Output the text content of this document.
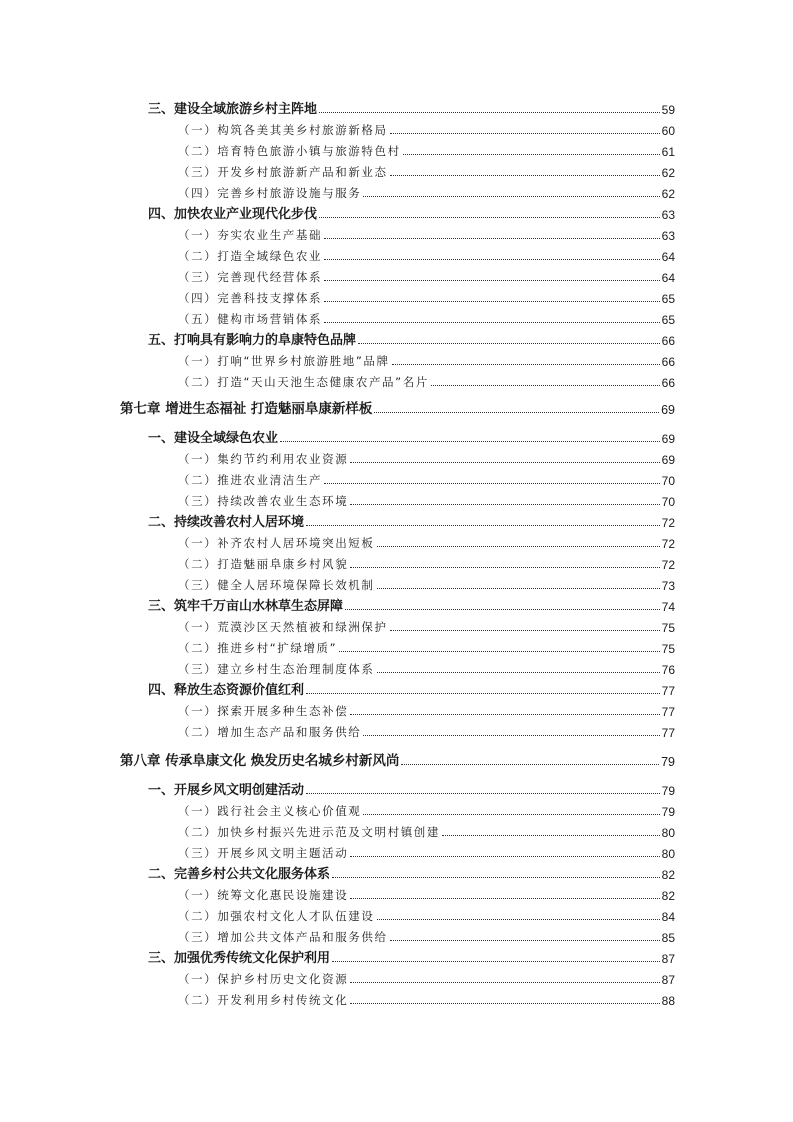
三、建设全域旅游乡村主阵地	59
（一）构筑各美其美乡村旅游新格局	60
（二）培育特色旅游小镇与旅游特色村	61
（三）开发乡村旅游新产品和新业态	62
（四）完善乡村旅游设施与服务	62
四、加快农业产业现代化步伐	63
（一）夯实农业生产基础	63
（二）打造全域绿色农业	64
（三）完善现代经营体系	64
（四）完善科技支撑体系	65
（五）健构市场营销体系	65
五、打响具有影响力的阜康特色品牌	66
（一）打响“世界乡村旅游胜地”品牌	66
（二）打造“天山天池生态健康农产品”名片	66
第七章 增进生态福祉 打造魅丽阜康新样板	69
一、建设全域绿色农业	69
（一）集约节约利用农业资源	69
（二）推进农业清洁生产	70
（三）持续改善农业生态环境	70
二、持续改善农村人居环境	72
（一）补齐农村人居环境突出短板	72
（二）打造魅丽阜康乡村风貌	72
（三）健全人居环境保障长效机制	73
三、筑牢千万亩山水林草生态屏障	74
（一）荒漠沙区天然植被和绿洲保护	75
（二）推进乡村“扩绿增质”	75
（三）建立乡村生态治理制度体系	76
四、释放生态资源价值红利	77
（一）探索开展多种生态补偿	77
（二）增加生态产品和服务供给	77
第八章 传承阜康文化 焕发历史名城乡村新风尚	79
一、开展乡风文明创建活动	79
（一）践行社会主义核心价值观	79
（二）加快乡村振兴先进示范及文明村镇创建	80
（三）开展乡风文明主题活动	80
二、完善乡村公共文化服务体系	82
（一）统筹文化惠民设施建设	82
（二）加强农村文化人才队伍建设	84
（三）增加公共文体产品和服务供给	85
三、加强优秀传统文化保护利用	87
（一）保护乡村历史文化资源	87
（二）开发利用乡村传统文化	88
